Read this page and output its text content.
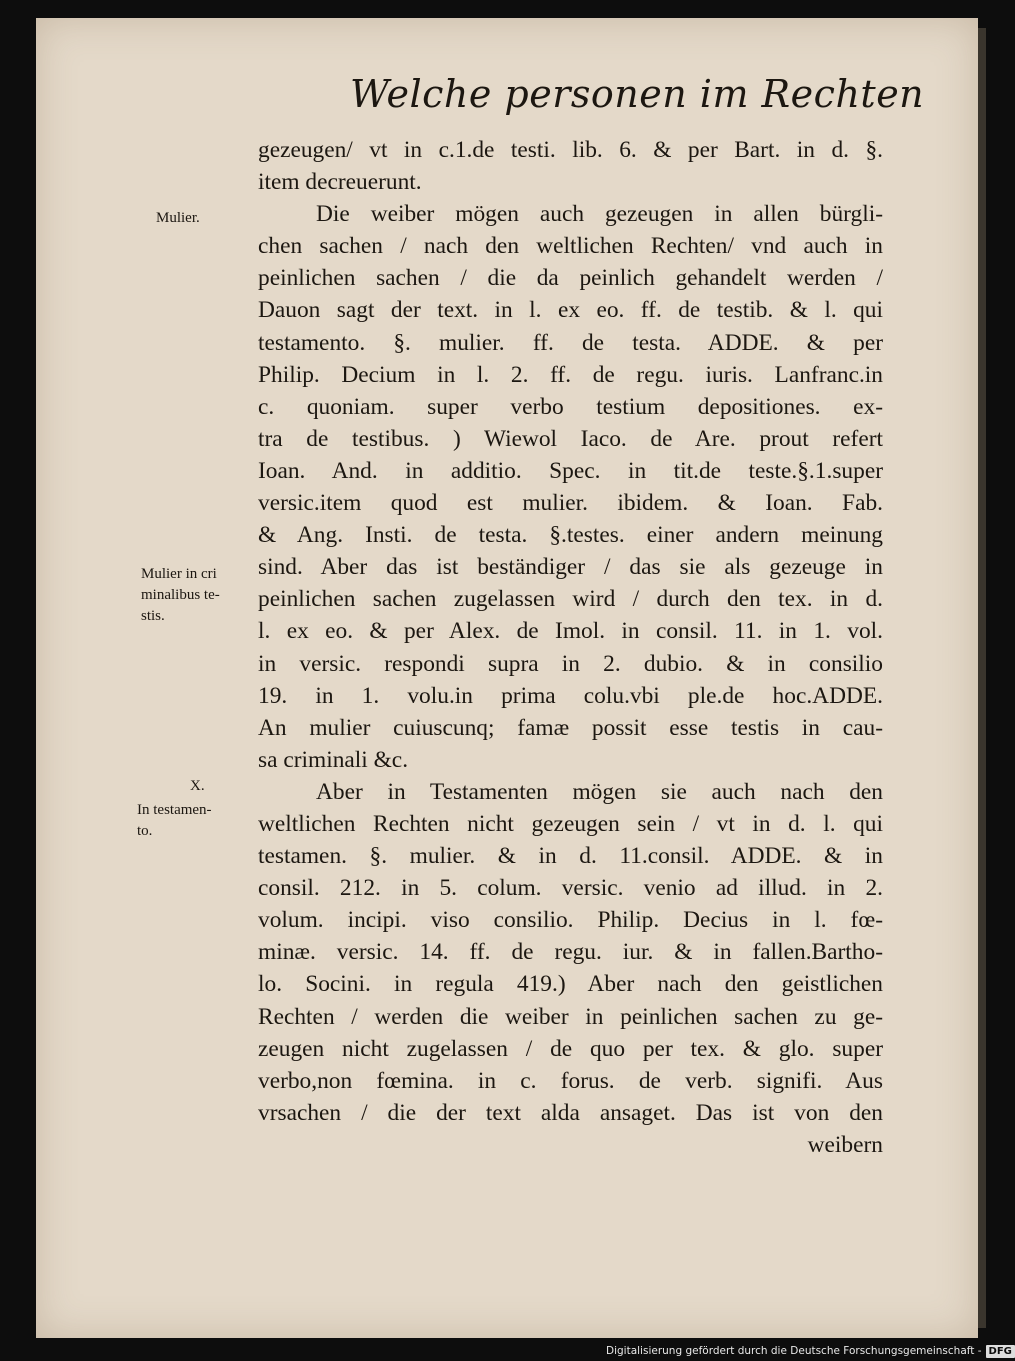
Welche personen im Rechten
Mulier.
Mulier in cri
minalibus te-
stis.
X.
In testamen-
to.
gezeugen/ vt in c.1.de testi. lib. 6. & per Bart. in d. §.
item decreuerunt.
Die weiber mögen auch gezeugen in allen bürgli-
chen sachen / nach den weltlichen Rechten/ vnd auch in
peinlichen sachen / die da peinlich gehandelt werden /
Dauon sagt der text. in l. ex eo. ff. de testib. & l. qui
testamento. §. mulier. ff. de testa. ADDE. & per
Philip. Decium in l. 2. ff. de regu. iuris. Lanfranc.in
c. quoniam. super verbo testium depositiones. ex-
tra de testibus. ) Wiewol Iaco. de Are. prout refert
Ioan. And. in additio. Spec. in tit.de teste.§.1.super
versic.item quod est mulier. ibidem. & Ioan. Fab.
& Ang. Insti. de testa. §.testes. einer andern meinung
sind. Aber das ist beständiger / das sie als gezeuge in
peinlichen sachen zugelassen wird / durch den tex. in d.
l. ex eo. & per Alex. de Imol. in consil. 11. in 1. vol.
in versic. respondi supra in 2. dubio. & in consilio
19. in 1. volu.in prima colu.vbi ple.de hoc.ADDE.
An mulier cuiuscunq; famæ possit esse testis in cau-
sa criminali &c.
Aber in Testamenten mögen sie auch nach den
weltlichen Rechten nicht gezeugen sein / vt in d. l. qui
testamen. §. mulier. & in d. 11.consil. ADDE. & in
consil. 212. in 5. colum. versic. venio ad illud. in 2.
volum. incipi. viso consilio. Philip. Decius in l. fœ-
minæ. versic. 14. ff. de regu. iur. & in fallen.Bartho-
lo. Socini. in regula 419.) Aber nach den geistlichen
Rechten / werden die weiber in peinlichen sachen zu ge-
zeugen nicht zugelassen / de quo per tex. & glo. super
verbo,non fœmina. in c. forus. de verb. signifi. Aus
vrsachen / die der text alda ansaget. Das ist von den
weibern
Digitalisierung gefördert durch die Deutsche Forschungsgemeinschaft - DFG
